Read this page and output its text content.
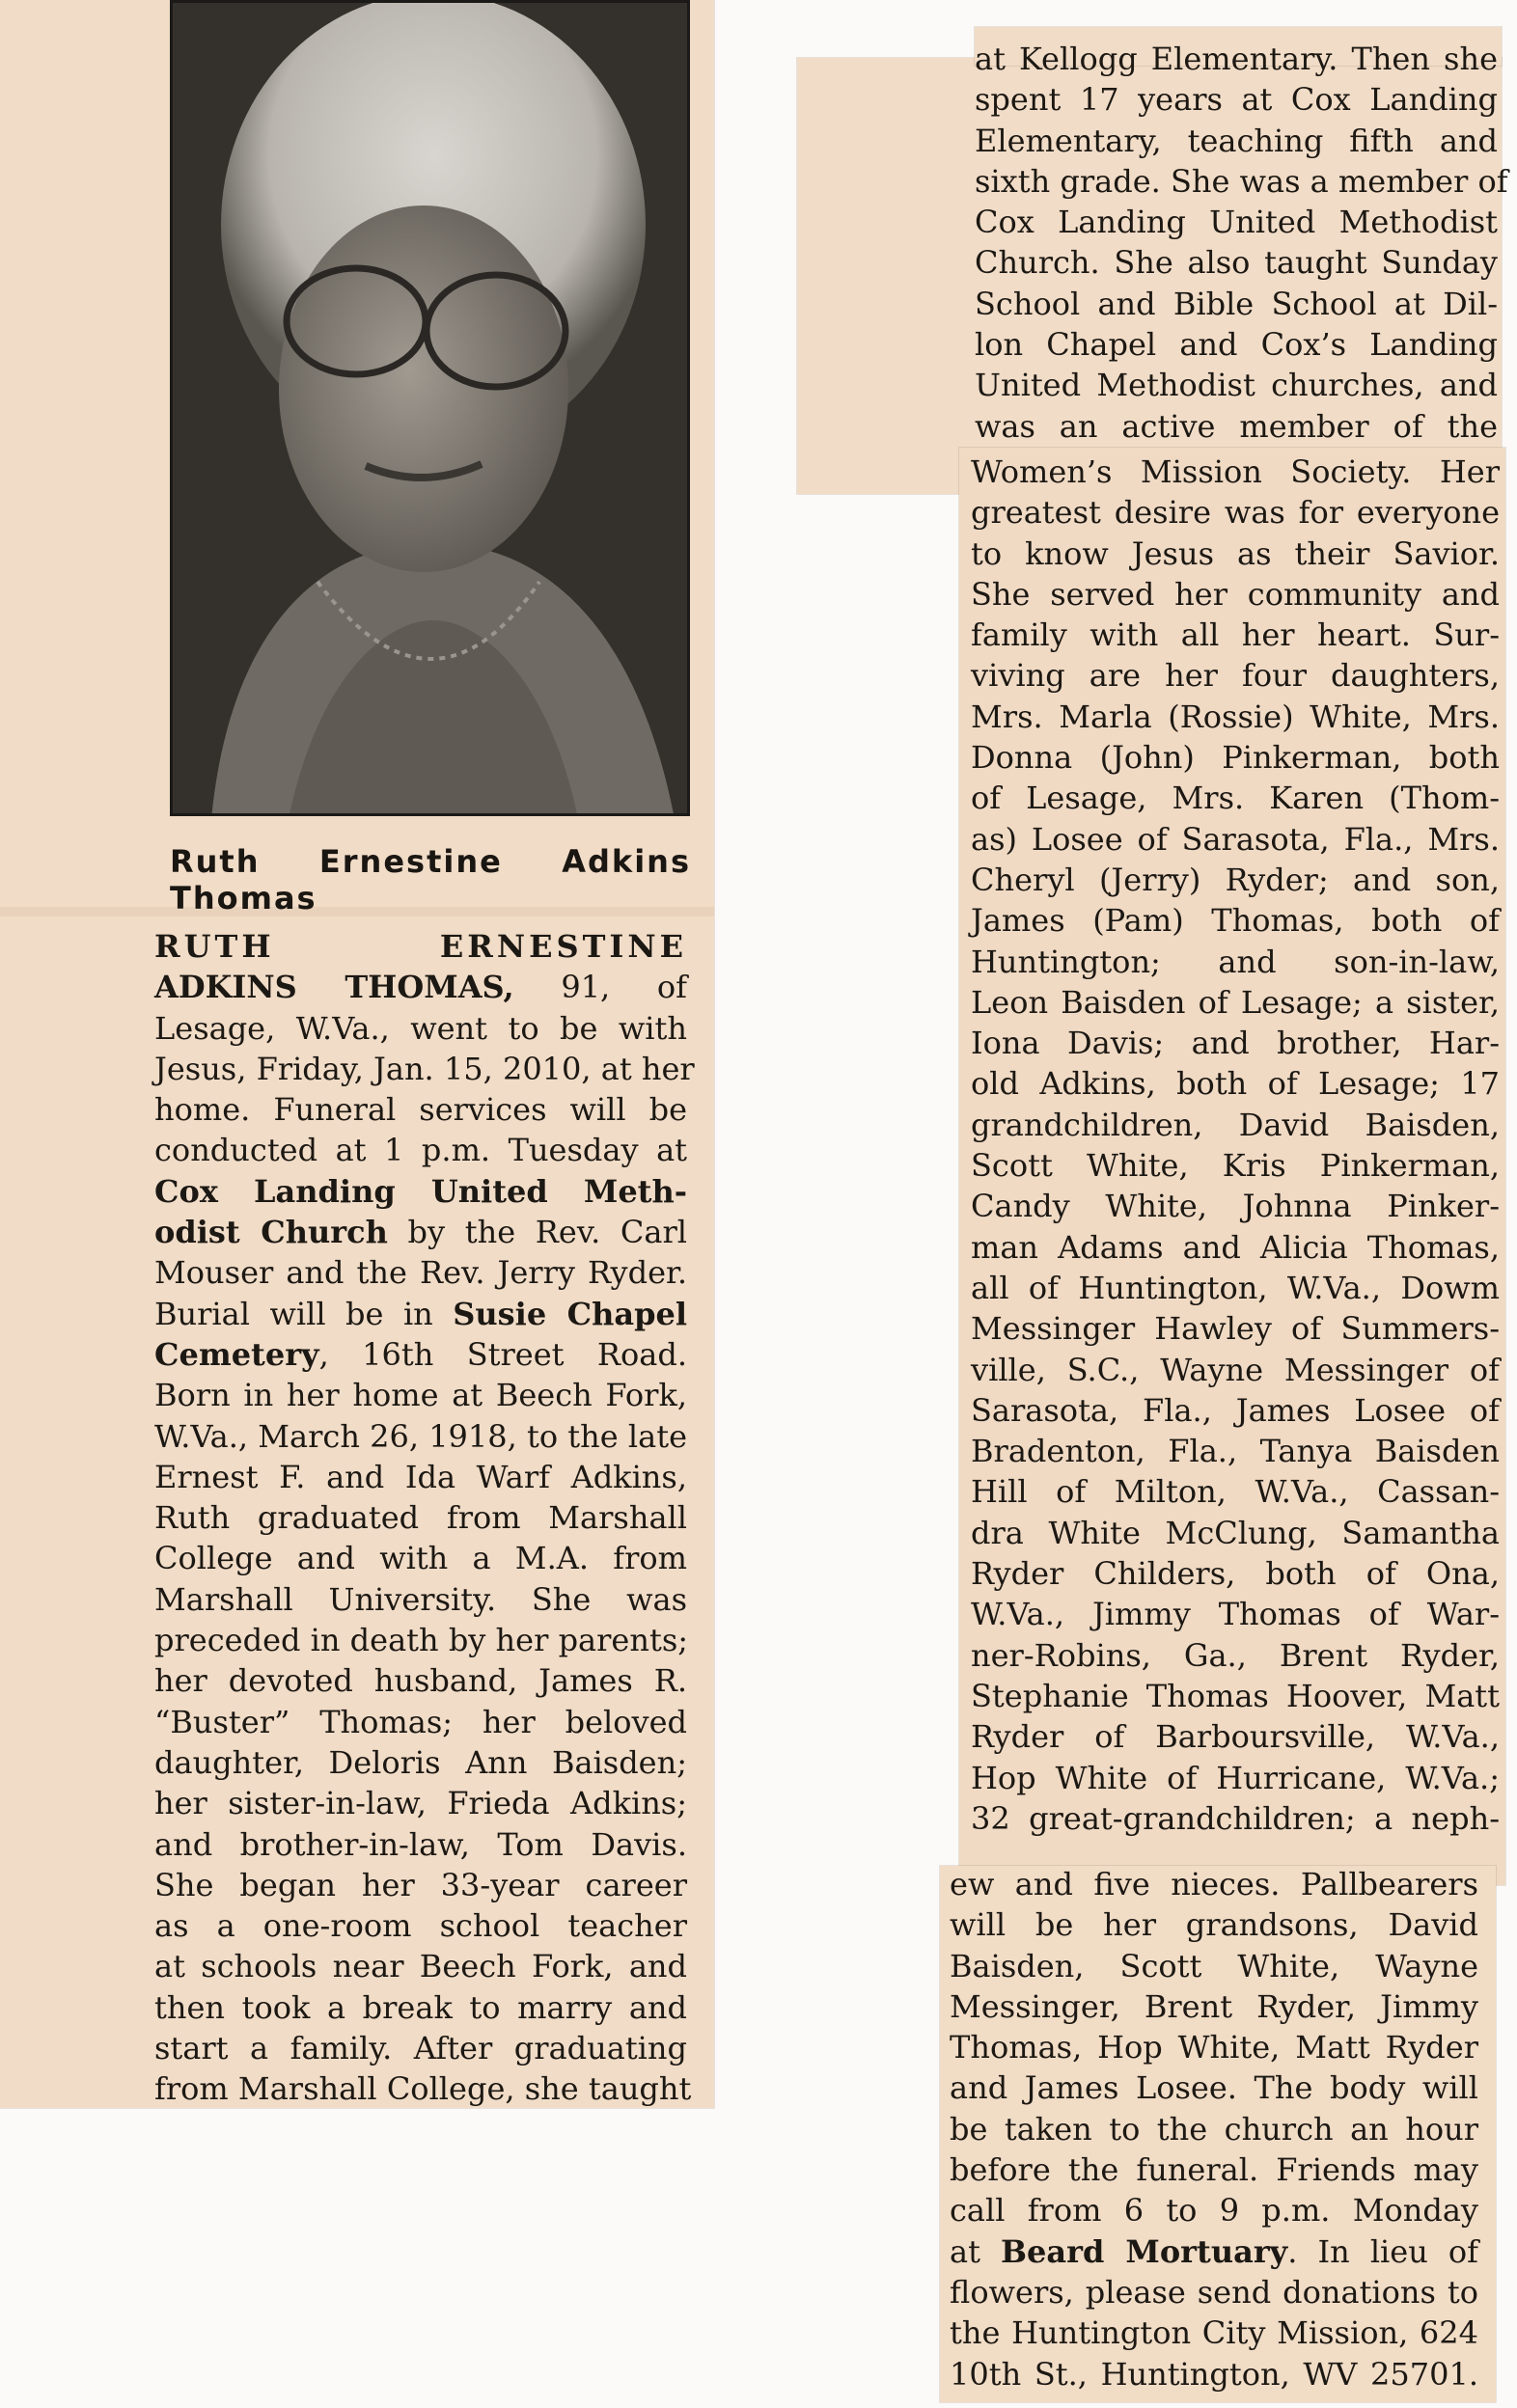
Ruth Ernestine Adkins
Thomas
RUTH ERNESTINE
ADKINS THOMAS, 91, of
Lesage, W.Va., went to be with
Jesus, Friday, Jan. 15, 2010, at her
home. Funeral services will be
conducted at 1 p.m. Tuesday at
Cox Landing United Meth-
odist Church by the Rev. Carl
Mouser and the Rev. Jerry Ryder.
Burial will be in Susie Chapel
Cemetery, 16th Street Road.
Born in her home at Beech Fork,
W.Va., March 26, 1918, to the late
Ernest F. and Ida Warf Adkins,
Ruth graduated from Marshall
College and with a M.A. from
Marshall University. She was
preceded in death by her parents;
her devoted husband, James R.
“Buster” Thomas; her beloved
daughter, Deloris Ann Baisden;
her sister-in-law, Frieda Adkins;
and brother-in-law, Tom Davis.
She began her 33-year career
as a one-room school teacher
at schools near Beech Fork, and
then took a break to marry and
start a family. After graduating
from Marshall College, she taught
at Kellogg Elementary. Then she
spent 17 years at Cox Landing
Elementary, teaching fifth and
sixth grade. She was a member of
Cox Landing United Methodist
Church. She also taught Sunday
School and Bible School at Dil-
lon Chapel and Cox’s Landing
United Methodist churches, and
was an active member of the
Women’s Mission Society. Her
greatest desire was for everyone
to know Jesus as their Savior.
She served her community and
family with all her heart. Sur-
viving are her four daughters,
Mrs. Marla (Rossie) White, Mrs.
Donna (John) Pinkerman, both
of Lesage, Mrs. Karen (Thom-
as) Losee of Sarasota, Fla., Mrs.
Cheryl (Jerry) Ryder; and son,
James (Pam) Thomas, both of
Huntington; and son-in-law,
Leon Baisden of Lesage; a sister,
Iona Davis; and brother, Har-
old Adkins, both of Lesage; 17
grandchildren, David Baisden,
Scott White, Kris Pinkerman,
Candy White, Johnna Pinker-
man Adams and Alicia Thomas,
all of Huntington, W.Va., Dowm
Messinger Hawley of Summers-
ville, S.C., Wayne Messinger of
Sarasota, Fla., James Losee of
Bradenton, Fla., Tanya Baisden
Hill of Milton, W.Va., Cassan-
dra White McClung, Samantha
Ryder Childers, both of Ona,
W.Va., Jimmy Thomas of War-
ner-Robins, Ga., Brent Ryder,
Stephanie Thomas Hoover, Matt
Ryder of Barboursville, W.Va.,
Hop White of Hurricane, W.Va.;
32 great-grandchildren; a neph-
ew and five nieces. Pallbearers
will be her grandsons, David
Baisden, Scott White, Wayne
Messinger, Brent Ryder, Jimmy
Thomas, Hop White, Matt Ryder
and James Losee. The body will
be taken to the church an hour
before the funeral. Friends may
call from 6 to 9 p.m. Monday
at Beard Mortuary. In lieu of
flowers, please send donations to
the Huntington City Mission, 624
10th St., Huntington, WV 25701.
